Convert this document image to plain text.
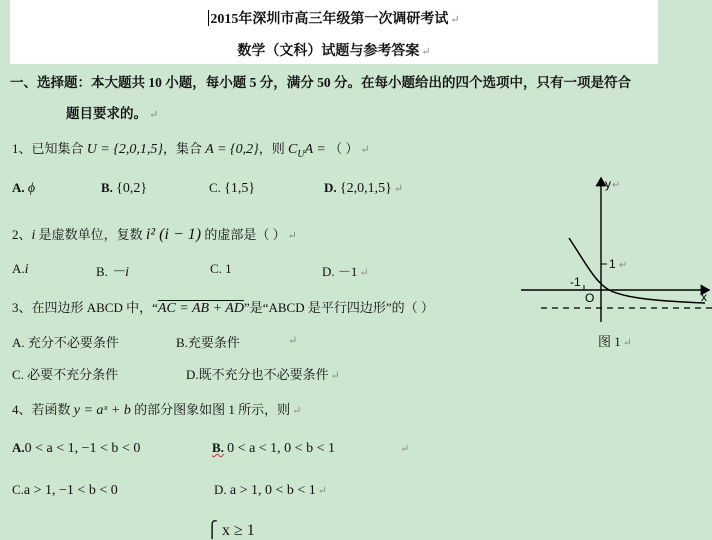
2015年深圳市高三年级第一次调研考试 ↵
数学（文科）试题与参考答案 ↵
一、选择题：本大题共 10 小题，每小题 5 分，满分 50 分。在每小题给出的四个选项中，只有一项是符合
题目要求的。 ↵
1、已知集合 U = {2,0,1,5}，集合 A = {0,2}，则 $C_UA$ = （ ） ↵
A. ϕ	B. {0,2}	C. {1,5}	D. {2,0,1,5} ↵
2、i 是虚数单位，复数 i² (i − 1) 的虚部是（ ） ↵
A.i	B. －i	C. 1	D. －1 ↵
3、在四边形 ABCD 中，“AC = AB + AD”是“ABCD 是平行四边形”的（ ）
A. 充分不必要条件	B.充要条件	↵
C. 必要不充分条件	D.既不充分也不必要条件 ↵
4、若函数 y = aˣ + b 的部分图象如图 1 所示，则 ↵
A.0 < a < 1, −1 < b < 0	B. 0 < a < 1, 0 < b < 1	↵
C.a > 1, −1 < b < 0	D. a > 1, 0 < b < 1 ↵
⎧ x ≥ 1
y
x
1
-1
O
↵
↵
图 1 ↵
